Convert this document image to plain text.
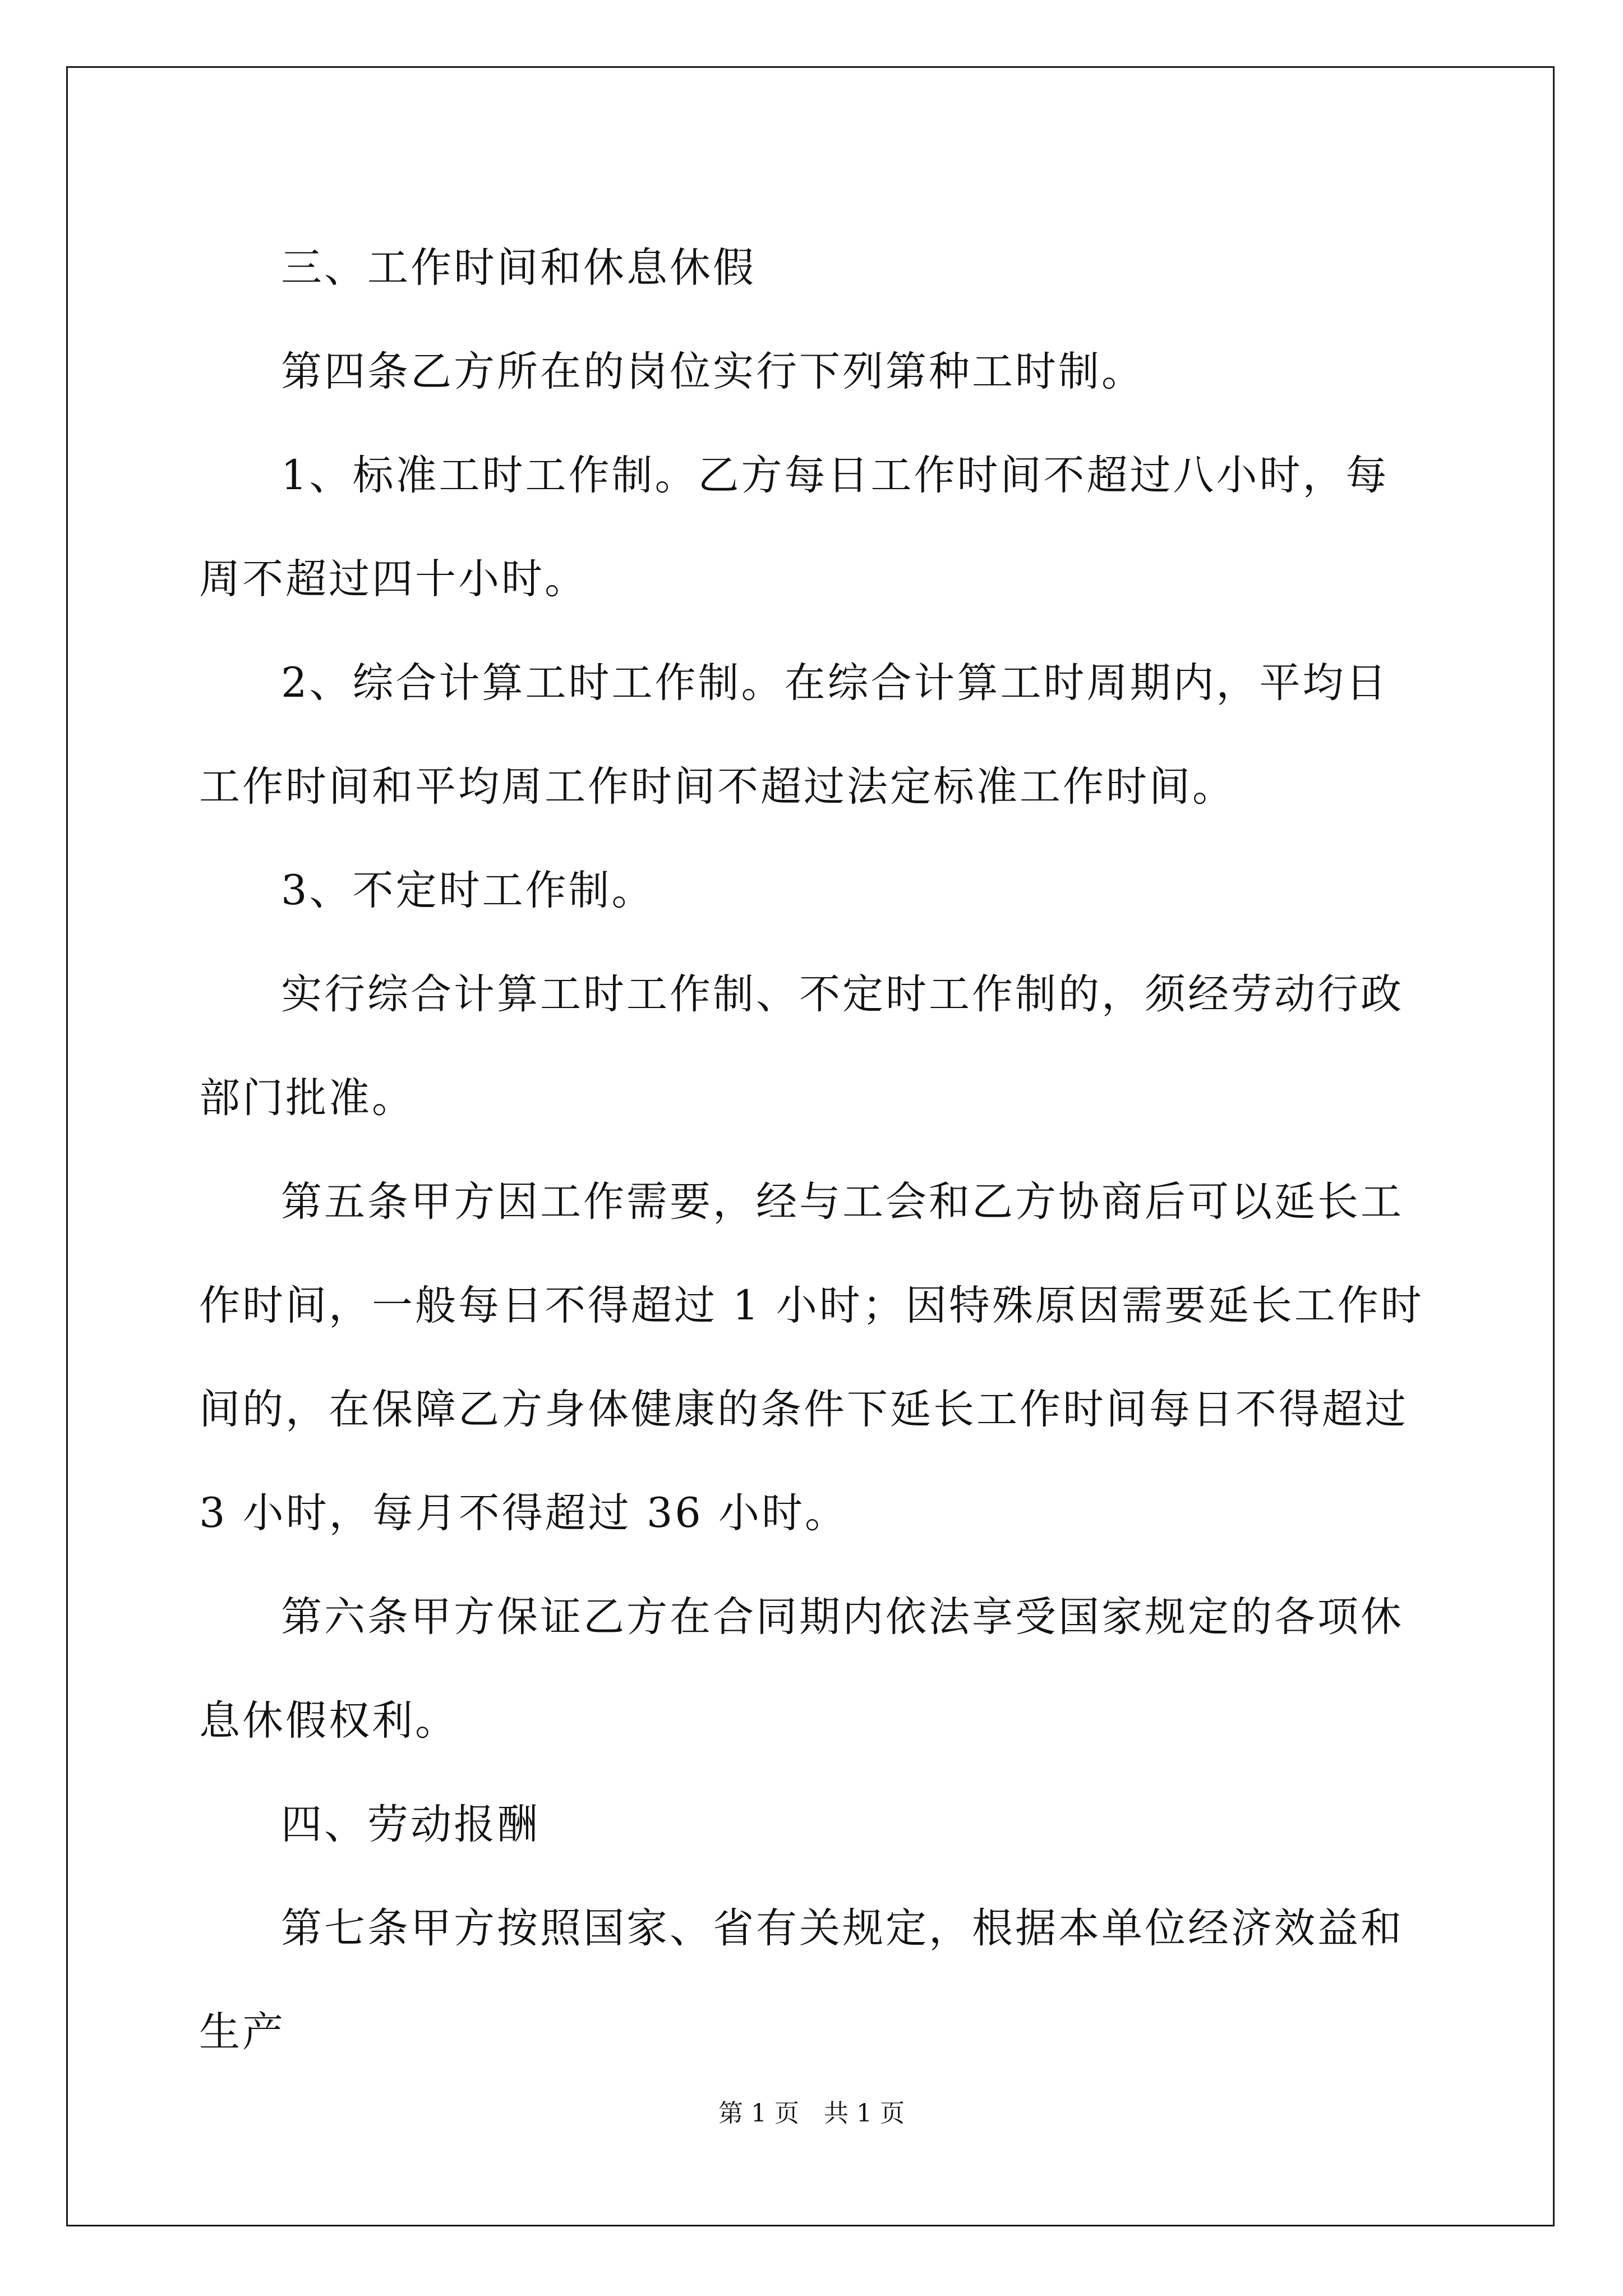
三、工作时间和休息休假

第四条乙方所在的岗位实行下列第种工时制。

1、标准工时工作制。乙方每日工作时间不超过八小时，每周不超过四十小时。

2、综合计算工时工作制。在综合计算工时周期内，平均日工作时间和平均周工作时间不超过法定标准工作时间。

3、不定时工作制。

实行综合计算工时工作制、不定时工作制的，须经劳动行政部门批准。

第五条甲方因工作需要，经与工会和乙方协商后可以延长工作时间，一般每日不得超过 1 小时；因特殊原因需要延长工作时间的，在保障乙方身体健康的条件下延长工作时间每日不得超过 3 小时，每月不得超过 36 小时。

第六条甲方保证乙方在合同期内依法享受国家规定的各项休息休假权利。

四、劳动报酬

第七条甲方按照国家、省有关规定，根据本单位经济效益和生产

第 1 页 共 1 页
